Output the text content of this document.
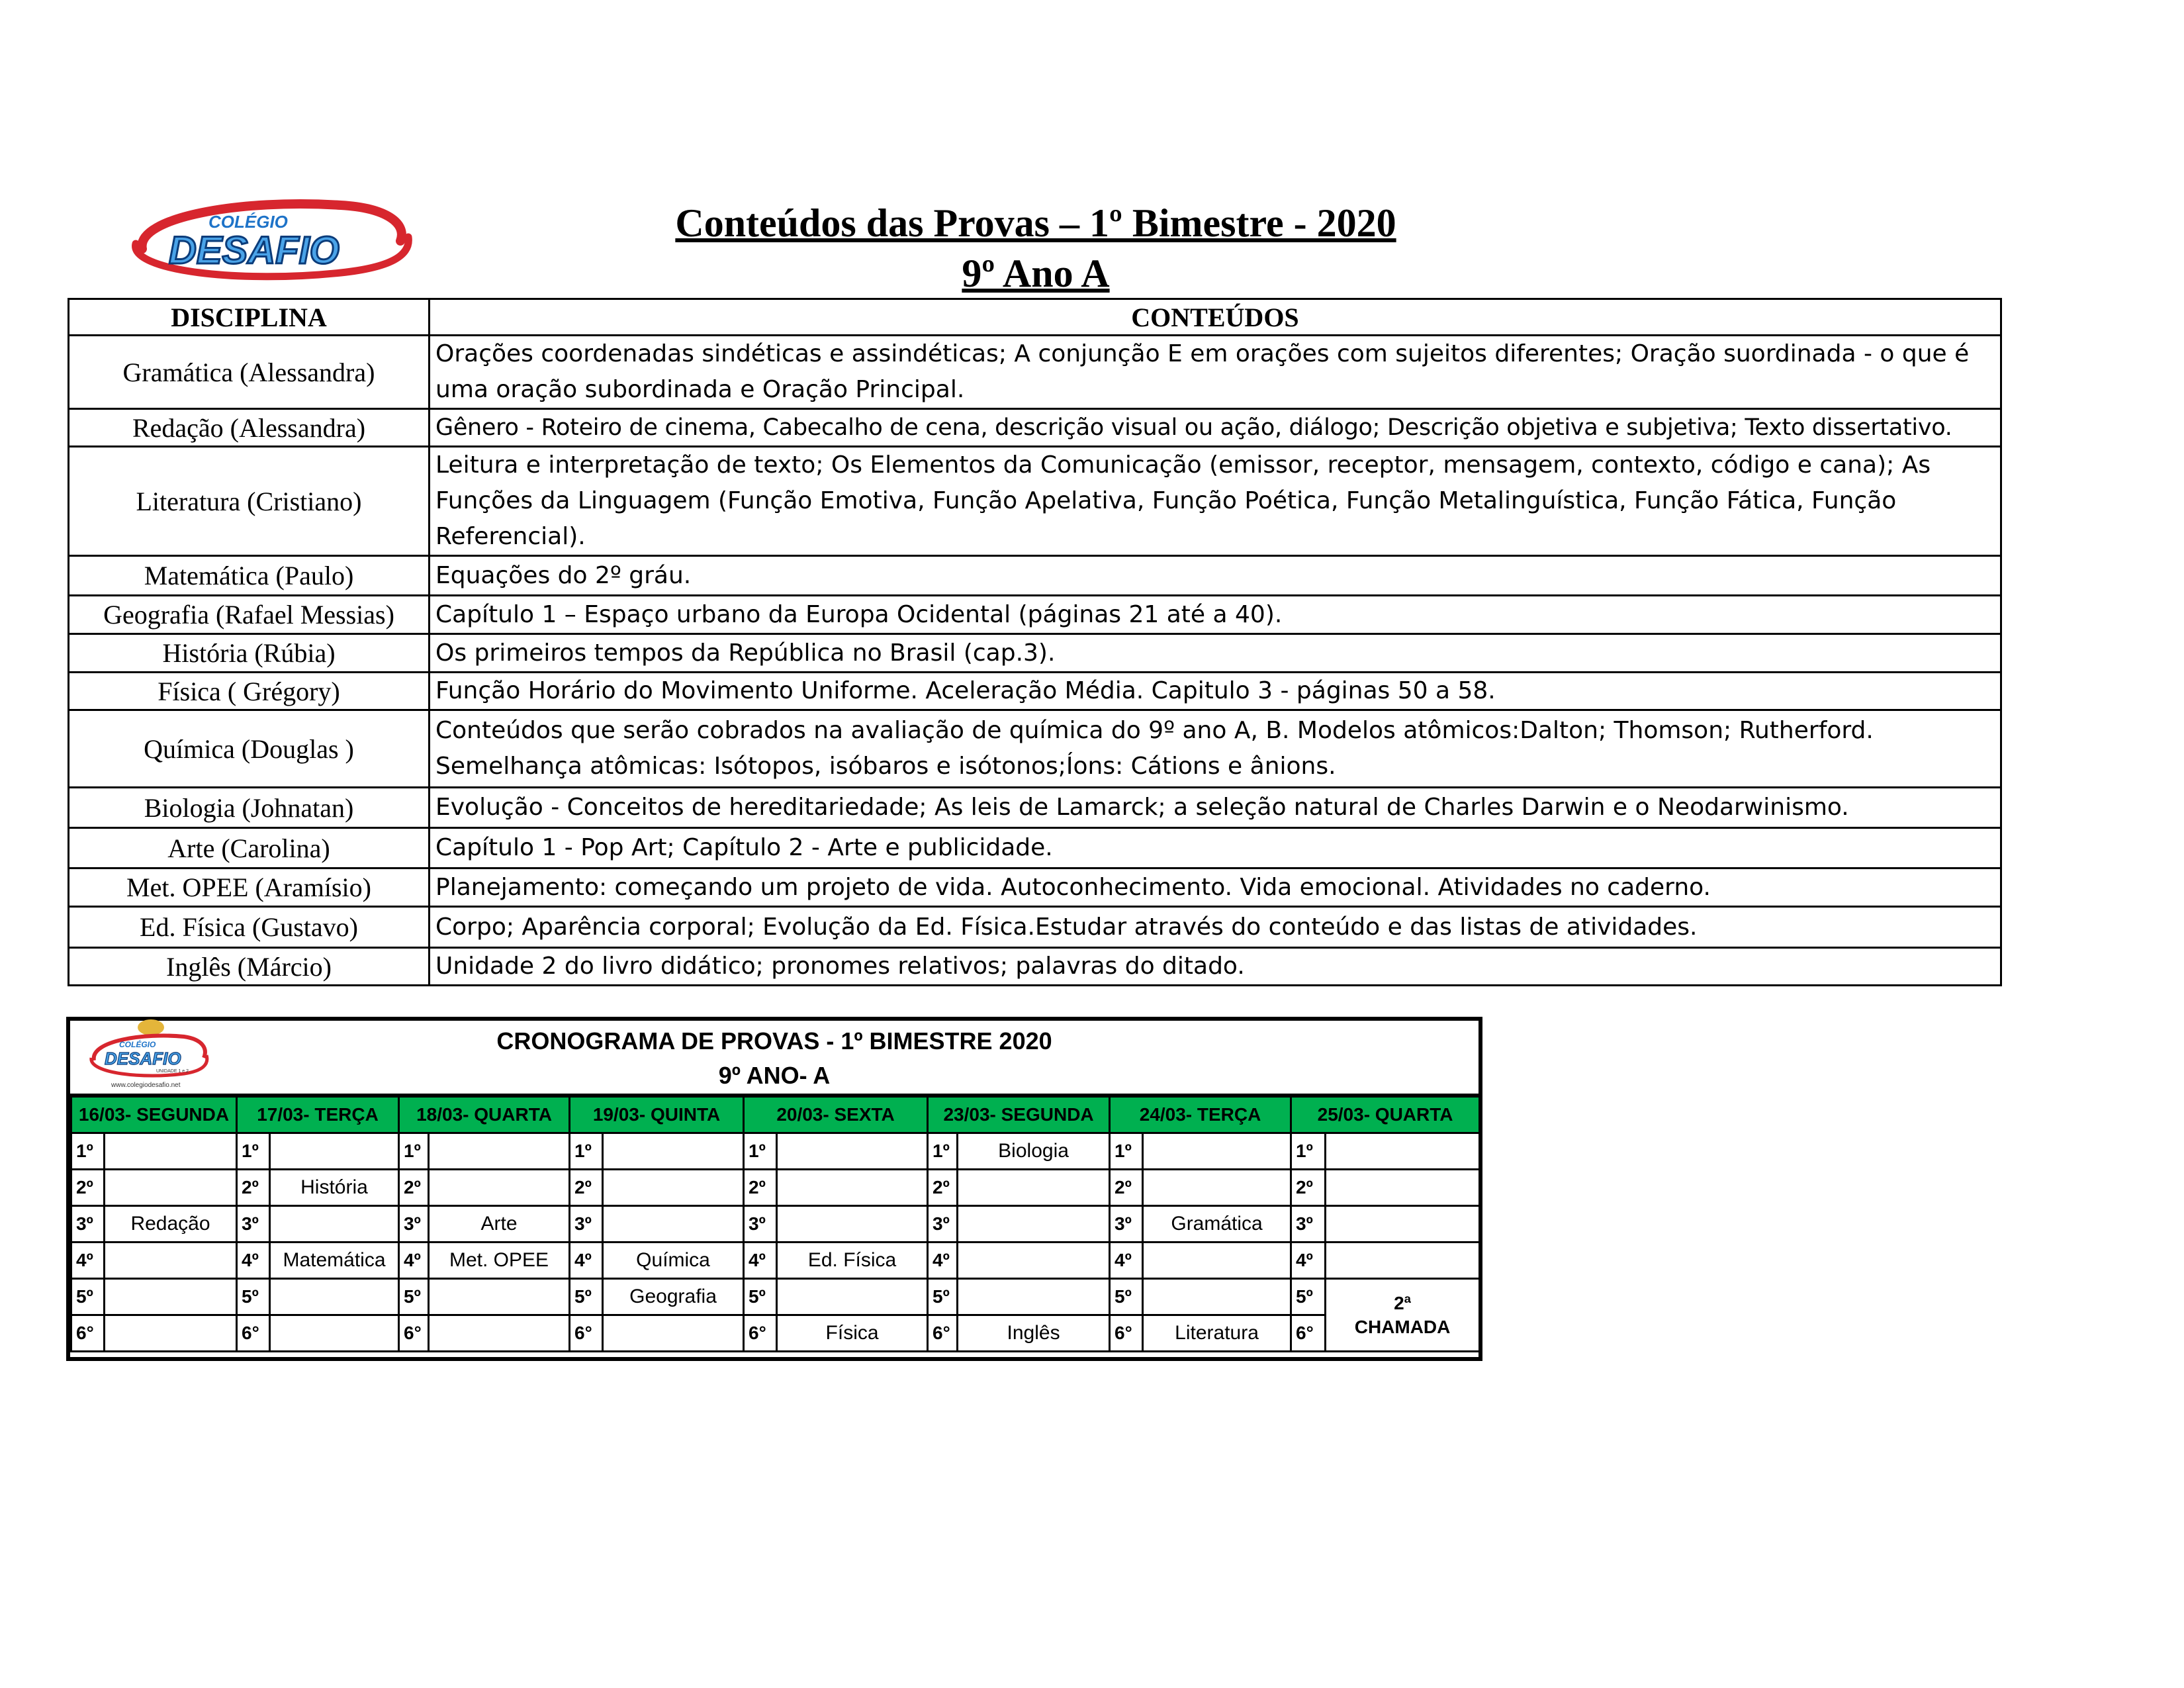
COLÉGIO
DESAFIO
Conteúdos das Provas – 1º Bimestre - 2020
9º Ano A
DISCIPLINA	CONTEÚDOS
Gramática (Alessandra)	Orações coordenadas sindéticas e assindéticas; A conjunção E em orações com sujeitos diferentes; Oração suordinada - o que é uma oração subordinada e Oração Principal.
Redação (Alessandra)	Gênero - Roteiro de cinema, Cabecalho de cena, descrição visual ou ação, diálogo; Descrição objetiva e subjetiva; Texto dissertativo.
Literatura (Cristiano)	Leitura e interpretação de texto; Os Elementos da Comunicação (emissor, receptor, mensagem, contexto, código e cana); As Funções da Linguagem (Função Emotiva, Função Apelativa, Função Poética, Função Metalinguística, Função Fática, Função Referencial).
Matemática (Paulo)	Equações do 2º gráu.
Geografia (Rafael Messias)	Capítulo 1 – Espaço urbano da Europa Ocidental (páginas 21 até a 40).
História (Rúbia)	Os primeiros tempos da República no Brasil (cap.3).
Física ( Grégory)	Função Horário do Movimento Uniforme. Aceleração Média. Capitulo 3 - páginas 50 a 58.
Química (Douglas )	Conteúdos que serão cobrados na avaliação de química do 9º ano A, B. Modelos atômicos:Dalton; Thomson; Rutherford. Semelhança atômicas: Isótopos, isóbaros e isótonos;Íons: Cátions e ânions.
Biologia (Johnatan)	Evolução - Conceitos de hereditariedade; As leis de Lamarck; a seleção natural de Charles Darwin e o Neodarwinismo.
Arte (Carolina)	Capítulo 1 - Pop Art; Capítulo 2 - Arte e publicidade.
Met. OPEE (Aramísio)	Planejamento: começando um projeto de vida. Autoconhecimento. Vida emocional. Atividades no caderno.
Ed. Física (Gustavo)	Corpo; Aparência corporal; Evolução da Ed. Física.Estudar através do conteúdo e das listas de atividades.
Inglês (Márcio)	Unidade 2 do livro didático; pronomes relativos; palavras do ditado.
CRONOGRAMA DE PROVAS - 1º BIMESTRE 2020
9º ANO- A
16/03- SEGUNDA		17/03- TERÇA		18/03- QUARTA		19/03- QUINTA		20/03- SEXTA		23/03- SEGUNDA		24/03- TERÇA		25/03- QUARTA	
1º		1º		1º		1º		1º		1º	Biologia	1º		1º	
2º		2º	História	2º		2º		2º		2º		2º		2º	
3º	Redação	3º		3º	Arte	3º		3º		3º		3º	Gramática	3º	
4º		4º	Matemática	4º	Met. OPEE	4º	Química	4º	Ed. Física	4º		4º		4º	
5º		5º		5º		5º	Geografia	5º		5º		5º		5º	2ª
CHAMADA
6°		6°		6°		6°		6°	Física	6°	Inglês	6°	Literatura	6°	
COLÉGIO
DESAFIO
UNIDADE 1 e 2
www.colegiodesafio.net
